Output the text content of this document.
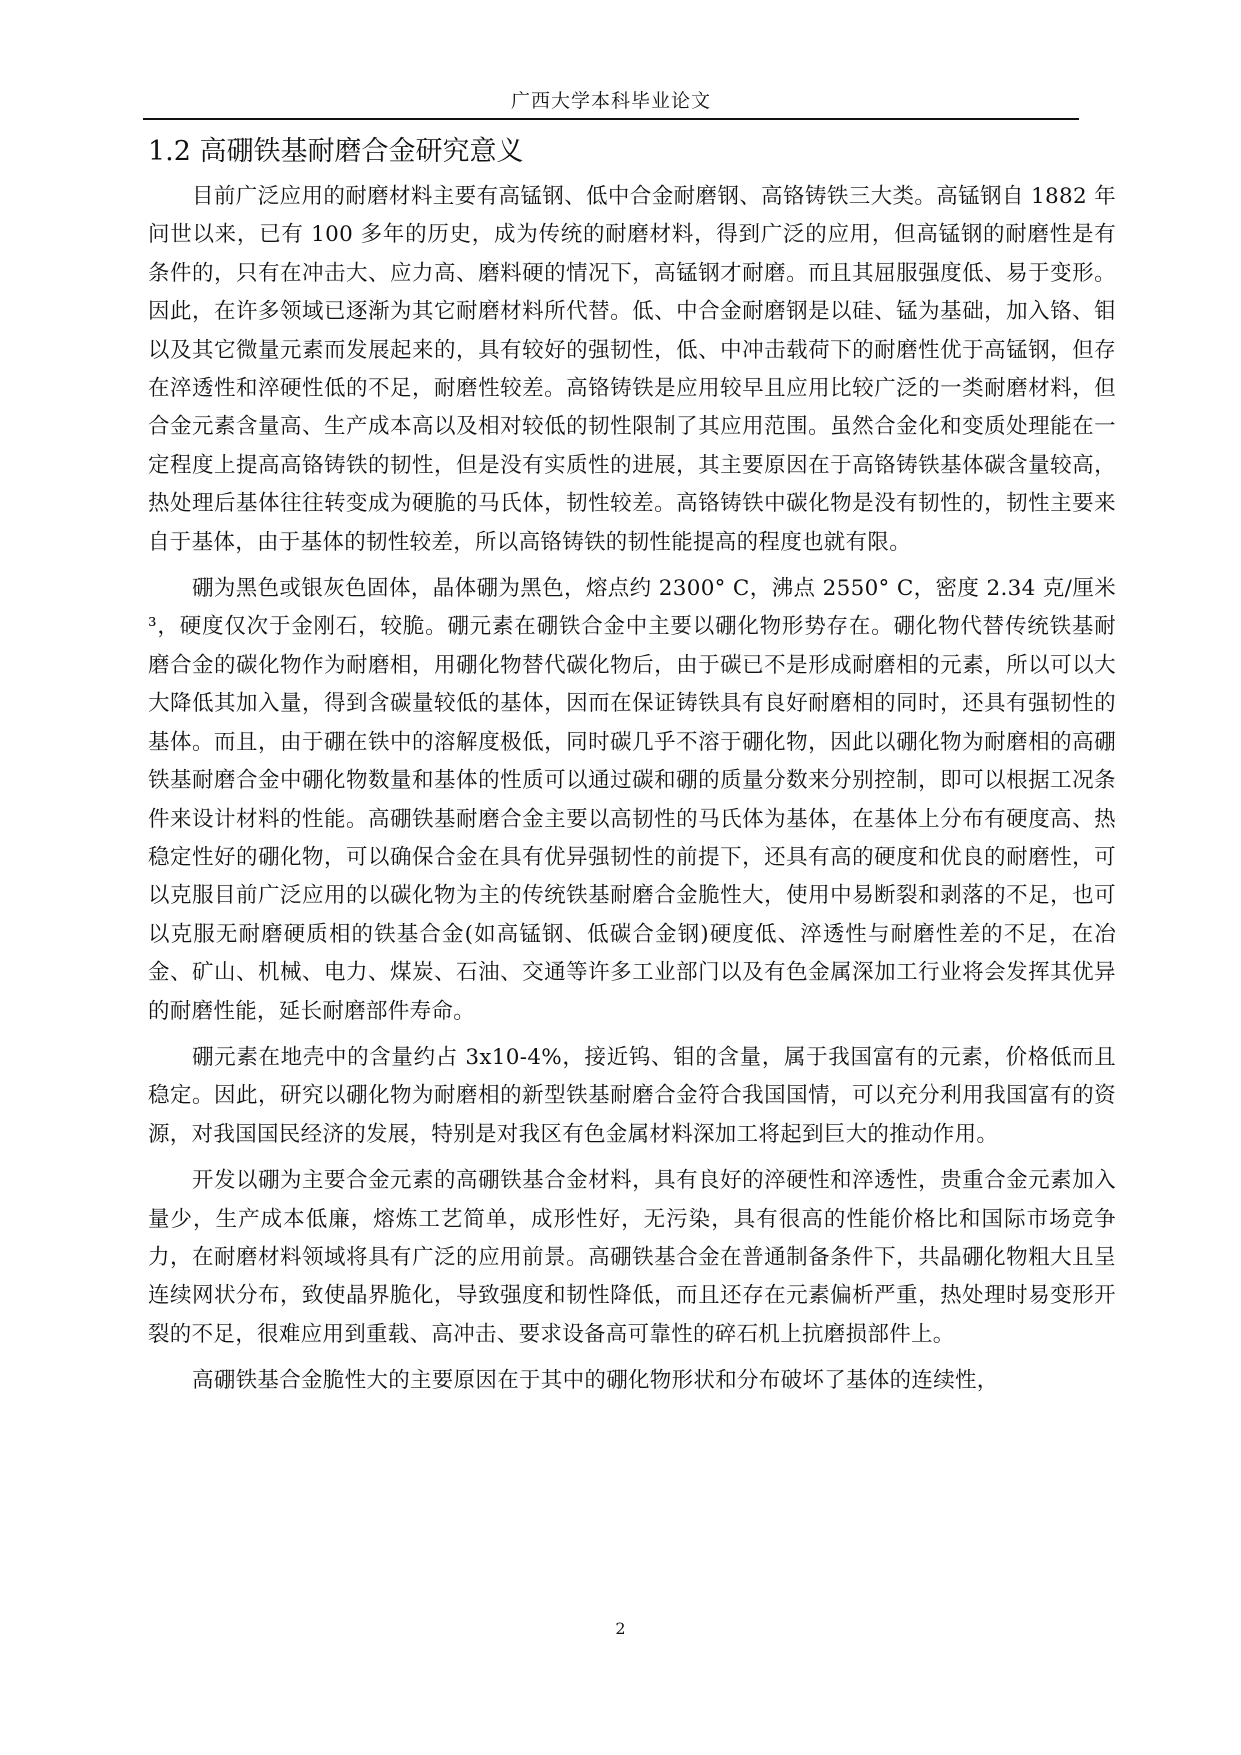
广西大学本科毕业论文
1.2 高硼铁基耐磨合金研究意义

目前广泛应用的耐磨材料主要有高锰钢、低中合金耐磨钢、高铬铸铁三大类。高锰钢自 1882 年问世以来，已有 100 多年的历史，成为传统的耐磨材料，得到广泛的应用，但高锰钢的耐磨性是有条件的，只有在冲击大、应力高、磨料硬的情况下，高锰钢才耐磨。而且其屈服强度低、易于变形。因此，在许多领域已逐渐为其它耐磨材料所代替。低、中合金耐磨钢是以硅、锰为基础，加入铬、钼以及其它微量元素而发展起来的，具有较好的强韧性，低、中冲击载荷下的耐磨性优于高锰钢，但存在淬透性和淬硬性低的不足，耐磨性较差。高铬铸铁是应用较早且应用比较广泛的一类耐磨材料，但合金元素含量高、生产成本高以及相对较低的韧性限制了其应用范围。虽然合金化和变质处理能在一定程度上提高高铬铸铁的韧性，但是没有实质性的进展，其主要原因在于高铬铸铁基体碳含量较高，热处理后基体往往转变成为硬脆的马氏体，韧性较差。高铬铸铁中碳化物是没有韧性的，韧性主要来自于基体，由于基体的韧性较差，所以高铬铸铁的韧性能提高的程度也就有限。

硼为黑色或银灰色固体，晶体硼为黑色，熔点约 2300° C，沸点 2550° C，密度 2.34 克/厘米³，硬度仅次于金刚石，较脆。硼元素在硼铁合金中主要以硼化物形势存在。硼化物代替传统铁基耐磨合金的碳化物作为耐磨相，用硼化物替代碳化物后，由于碳已不是形成耐磨相的元素，所以可以大大降低其加入量，得到含碳量较低的基体，因而在保证铸铁具有良好耐磨相的同时，还具有强韧性的基体。而且，由于硼在铁中的溶解度极低，同时碳几乎不溶于硼化物，因此以硼化物为耐磨相的高硼铁基耐磨合金中硼化物数量和基体的性质可以通过碳和硼的质量分数来分别控制，即可以根据工况条件来设计材料的性能。高硼铁基耐磨合金主要以高韧性的马氏体为基体，在基体上分布有硬度高、热稳定性好的硼化物，可以确保合金在具有优异强韧性的前提下，还具有高的硬度和优良的耐磨性，可以克服目前广泛应用的以碳化物为主的传统铁基耐磨合金脆性大，使用中易断裂和剥落的不足，也可以克服无耐磨硬质相的铁基合金(如高锰钢、低碳合金钢)硬度低、淬透性与耐磨性差的不足，在冶金、矿山、机械、电力、煤炭、石油、交通等许多工业部门以及有色金属深加工行业将会发挥其优异的耐磨性能，延长耐磨部件寿命。

硼元素在地壳中的含量约占 3x10-4%，接近钨、钼的含量，属于我国富有的元素，价格低而且稳定。因此，研究以硼化物为耐磨相的新型铁基耐磨合金符合我国国情，可以充分利用我国富有的资源，对我国国民经济的发展，特别是对我区有色金属材料深加工将起到巨大的推动作用。

开发以硼为主要合金元素的高硼铁基合金材料，具有良好的淬硬性和淬透性，贵重合金元素加入量少，生产成本低廉，熔炼工艺简单，成形性好，无污染，具有很高的性能价格比和国际市场竞争力，在耐磨材料领域将具有广泛的应用前景。高硼铁基合金在普通制备条件下，共晶硼化物粗大且呈连续网状分布，致使晶界脆化，导致强度和韧性降低，而且还存在元素偏析严重，热处理时易变形开裂的不足，很难应用到重载、高冲击、要求设备高可靠性的碎石机上抗磨损部件上。

高硼铁基合金脆性大的主要原因在于其中的硼化物形状和分布破坏了基体的连续性，

2
